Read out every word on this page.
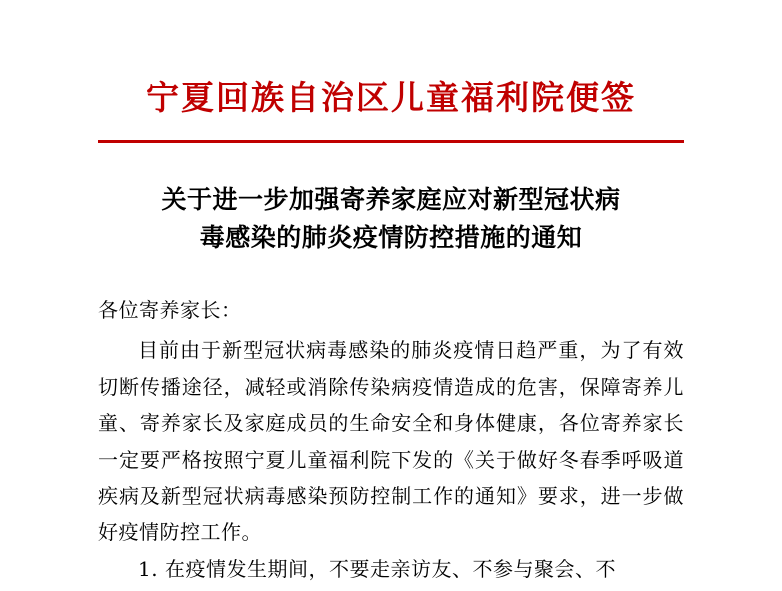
宁夏回族自治区儿童福利院便签
关于进一步加强寄养家庭应对新型冠状病
毒感染的肺炎疫情防控措施的通知

各位寄养家长：

目前由于新型冠状病毒感染的肺炎疫情日趋严重，为了有效切断传播途径，减轻或消除传染病疫情造成的危害，保障寄养儿童、寄养家长及家庭成员的生命安全和身体健康，各位寄养家长一定要严格按照宁夏儿童福利院下发的《关于做好冬春季呼吸道疾病及新型冠状病毒感染预防控制工作的通知》要求，进一步做好疫情防控工作。

1. 在疫情发生期间，不要走亲访友、不参与聚会、不
